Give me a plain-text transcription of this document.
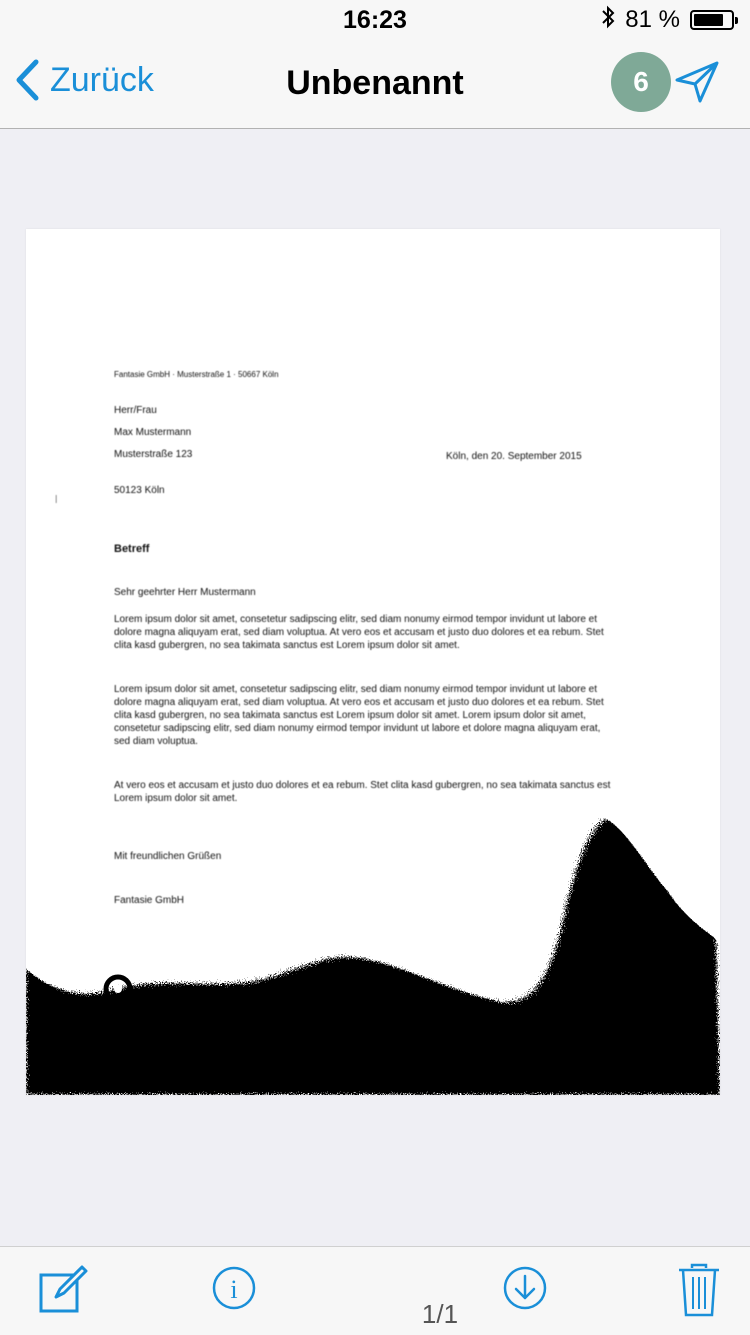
16:23	81 %
Zurück	Unbenannt	6
—
Fantasie GmbH · Musterstraße 1 · 50667 Köln

Herr/Frau

Max Mustermann

Musterstraße 123

50123 Köln
Köln, den 20. September 2015
Betreff
Sehr geehrter Herr Mustermann
Lorem ipsum dolor sit amet, consetetur sadipscing elitr, sed diam nonumy eirmod tempor invidunt ut labore et dolore magna aliquyam erat, sed diam voluptua. At vero eos et accusam et justo duo dolores et ea rebum. Stet clita kasd gubergren, no sea takimata sanctus est Lorem ipsum dolor sit amet.
Lorem ipsum dolor sit amet, consetetur sadipscing elitr, sed diam nonumy eirmod tempor invidunt ut labore et dolore magna aliquyam erat, sed diam voluptua. At vero eos et accusam et justo duo dolores et ea rebum. Stet clita kasd gubergren, no sea takimata sanctus est Lorem ipsum dolor sit amet. Lorem ipsum dolor sit amet, consetetur sadipscing elitr, sed diam nonumy eirmod tempor invidunt ut labore et dolore magna aliquyam erat, sed diam voluptua.
At vero eos et accusam et justo duo dolores et ea rebum. Stet clita kasd gubergren, no sea takimata sanctus est Lorem ipsum dolor sit amet.
Mit freundlichen Grüßen
Fantasie GmbH
i
1/1
